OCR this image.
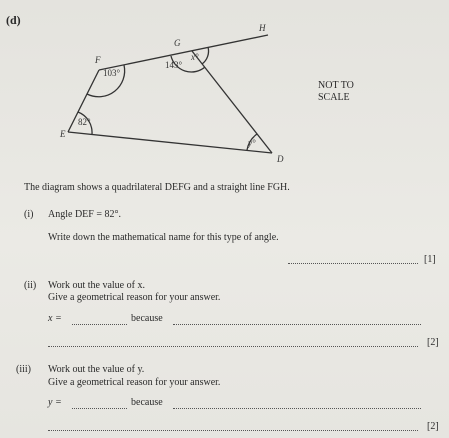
(d)
G
H
F
E
D
103°
143°
x°
82°
y°
NOT TO
SCALE
The diagram shows a quadrilateral DEFG and a straight line FGH.
(i) Angle DEF = 82°.
Write down the mathematical name for this type of angle.
[1]
(ii) Work out the value of x.
Give a geometrical reason for your answer.
x =	because
[2]
(iii) Work out the value of y.
Give a geometrical reason for your answer.
y =	because
[2]
